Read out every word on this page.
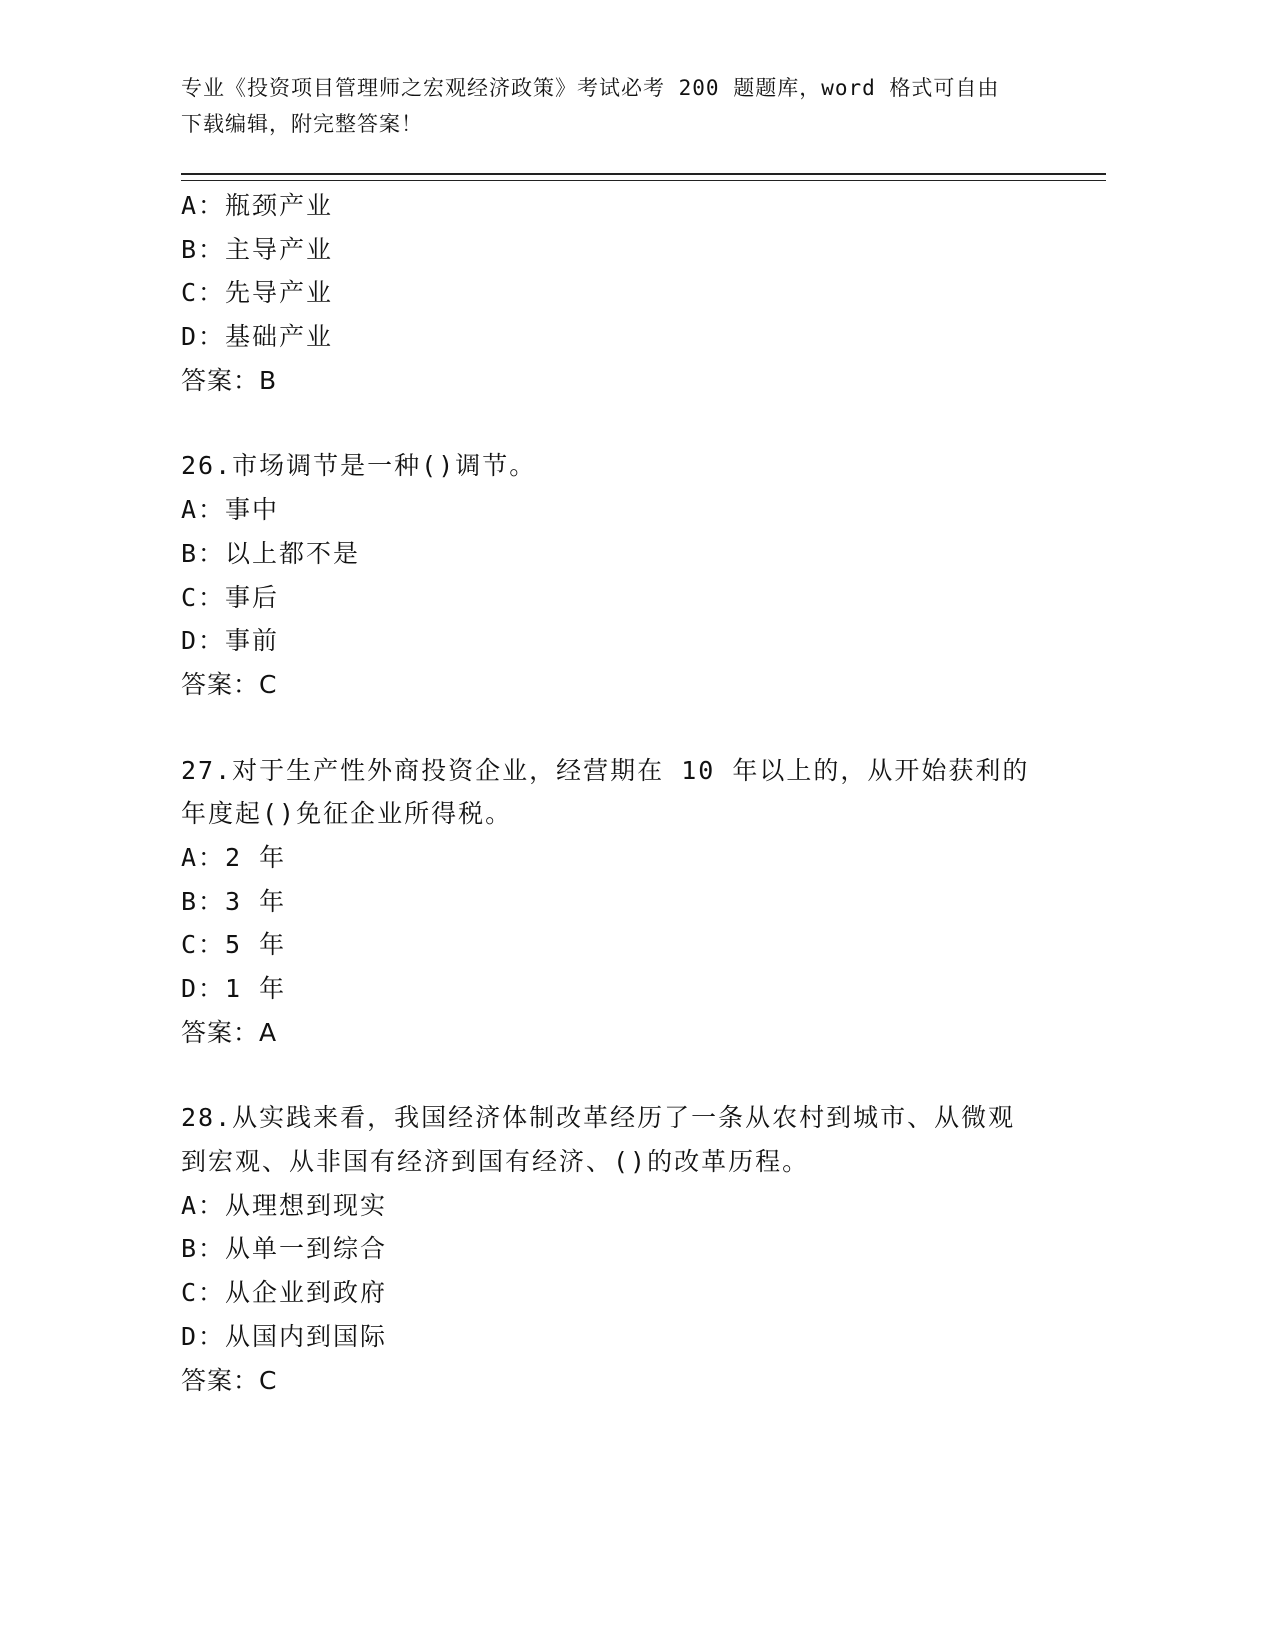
专业《投资项目管理师之宏观经济政策》考试必考 200 题题库，word 格式可自由
下载编辑，附完整答案！
A：瓶颈产业
B：主导产业
C：先导产业
D：基础产业
答案：B
26.市场调节是一种()调节。
A：事中
B：以上都不是
C：事后
D：事前
答案：C
27.对于生产性外商投资企业，经营期在 10 年以上的，从开始获利的
年度起()免征企业所得税。
A：2 年
B：3 年
C：5 年
D：1 年
答案：A
28.从实践来看，我国经济体制改革经历了一条从农村到城市、从微观
到宏观、从非国有经济到国有经济、()的改革历程。
A：从理想到现实
B：从单一到综合
C：从企业到政府
D：从国内到国际
答案：C
